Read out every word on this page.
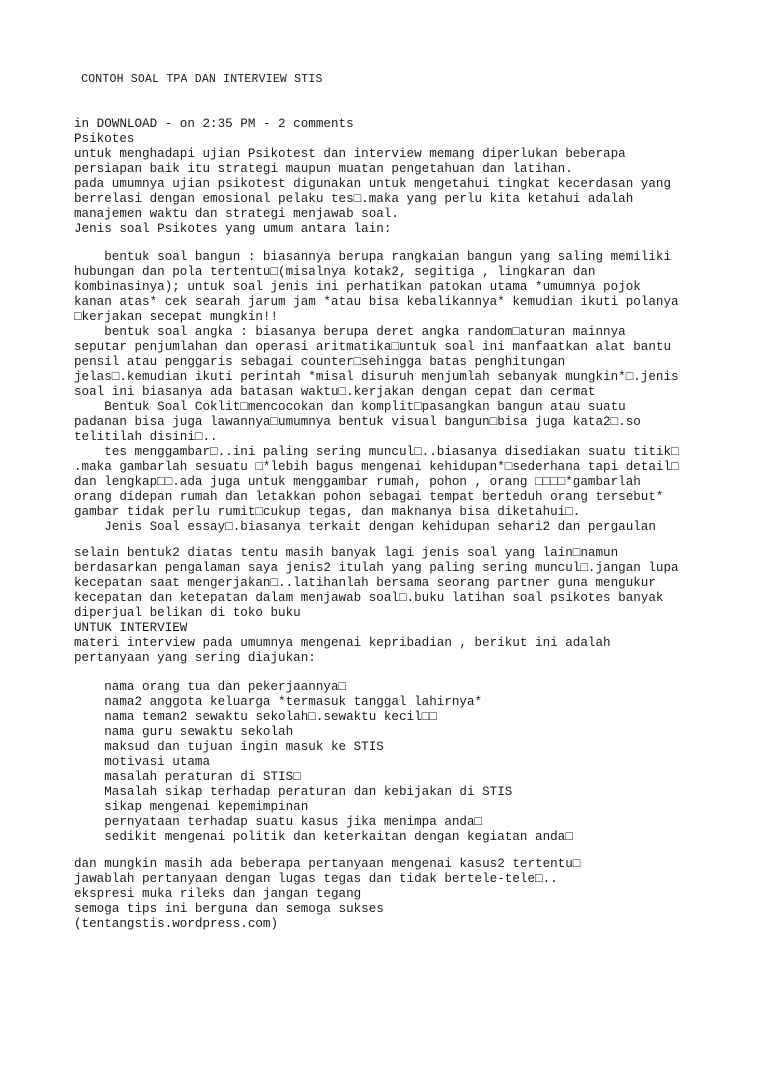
CONTOH SOAL TPA DAN INTERVIEW STIS
in DOWNLOAD - on 2:35 PM - 2 comments
Psikotes
untuk menghadapi ujian Psikotest dan interview memang diperlukan beberapa
persiapan baik itu strategi maupun muatan pengetahuan dan latihan.
pada umumnya ujian psikotest digunakan untuk mengetahui tingkat kecerdasan yang
berrelasi dengan emosional pelaku tes□.maka yang perlu kita ketahui adalah
manajemen waktu dan strategi menjawab soal.
Jenis soal Psikotes yang umum antara lain:
bentuk soal bangun : biasannya berupa rangkaian bangun yang saling memiliki
hubungan dan pola tertentu□(misalnya kotak2, segitiga , lingkaran dan
kombinasinya); untuk soal jenis ini perhatikan patokan utama *umumnya pojok
kanan atas* cek searah jarum jam *atau bisa kebalikannya* kemudian ikuti polanya
□kerjakan secepat mungkin!!
bentuk soal angka : biasanya berupa deret angka random□aturan mainnya
seputar penjumlahan dan operasi aritmatika□untuk soal ini manfaatkan alat bantu
pensil atau penggaris sebagai counter□sehingga batas penghitungan
jelas□.kemudian ikuti perintah *misal disuruh menjumlah sebanyak mungkin*□.jenis
soal ini biasanya ada batasan waktu□.kerjakan dengan cepat dan cermat
Bentuk Soal Coklit□mencocokan dan komplit□pasangkan bangun atau suatu
padanan bisa juga lawannya□umumnya bentuk visual bangun□bisa juga kata2□.so
telitilah disini□..
tes menggambar□..ini paling sering muncul□..biasanya disediakan suatu titik□
.maka gambarlah sesuatu □*lebih bagus mengenai kehidupan*□sederhana tapi detail□
dan lengkap□□.ada juga untuk menggambar rumah, pohon , orang □□□□*gambarlah
orang didepan rumah dan letakkan pohon sebagai tempat berteduh orang tersebut*
gambar tidak perlu rumit□cukup tegas, dan maknanya bisa diketahui□.
Jenis Soal essay□.biasanya terkait dengan kehidupan sehari2 dan pergaulan
selain bentuk2 diatas tentu masih banyak lagi jenis soal yang lain□namun
berdasarkan pengalaman saya jenis2 itulah yang paling sering muncul□.jangan lupa
kecepatan saat mengerjakan□..latihanlah bersama seorang partner guna mengukur
kecepatan dan ketepatan dalam menjawab soal□.buku latihan soal psikotes banyak
diperjual belikan di toko buku
UNTUK INTERVIEW
materi interview pada umumnya mengenai kepribadian , berikut ini adalah
pertanyaan yang sering diajukan:
nama orang tua dan pekerjaannya□
nama2 anggota keluarga *termasuk tanggal lahirnya*
nama teman2 sewaktu sekolah□.sewaktu kecil□□
nama guru sewaktu sekolah
maksud dan tujuan ingin masuk ke STIS
motivasi utama
masalah peraturan di STIS□
Masalah sikap terhadap peraturan dan kebijakan di STIS
sikap mengenai kepemimpinan
pernyataan terhadap suatu kasus jika menimpa anda□
sedikit mengenai politik dan keterkaitan dengan kegiatan anda□
dan mungkin masih ada beberapa pertanyaan mengenai kasus2 tertentu□
jawablah pertanyaan dengan lugas tegas dan tidak bertele-tele□..
ekspresi muka rileks dan jangan tegang
semoga tips ini berguna dan semoga sukses
(tentangstis.wordpress.com)
